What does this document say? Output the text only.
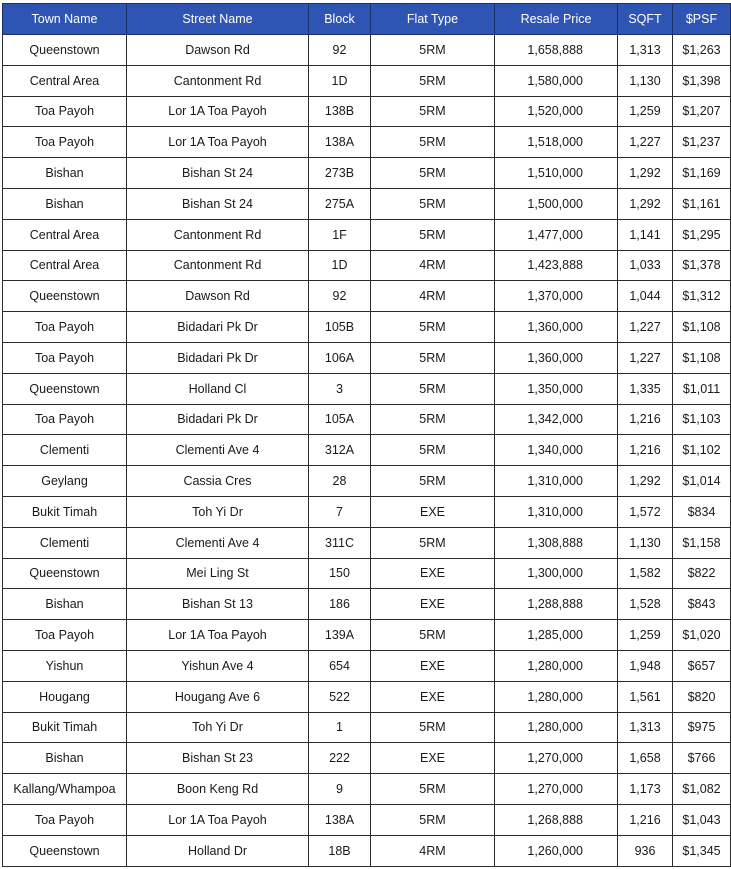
Town Name	Street Name	Block	Flat Type	Resale Price	SQFT	$PSF
Queenstown	Dawson Rd	92	5RM	1,658,888	1,313	$1,263
Central Area	Cantonment Rd	1D	5RM	1,580,000	1,130	$1,398
Toa Payoh	Lor 1A Toa Payoh	138B	5RM	1,520,000	1,259	$1,207
Toa Payoh	Lor 1A Toa Payoh	138A	5RM	1,518,000	1,227	$1,237
Bishan	Bishan St 24	273B	5RM	1,510,000	1,292	$1,169
Bishan	Bishan St 24	275A	5RM	1,500,000	1,292	$1,161
Central Area	Cantonment Rd	1F	5RM	1,477,000	1,141	$1,295
Central Area	Cantonment Rd	1D	4RM	1,423,888	1,033	$1,378
Queenstown	Dawson Rd	92	4RM	1,370,000	1,044	$1,312
Toa Payoh	Bidadari Pk Dr	105B	5RM	1,360,000	1,227	$1,108
Toa Payoh	Bidadari Pk Dr	106A	5RM	1,360,000	1,227	$1,108
Queenstown	Holland Cl	3	5RM	1,350,000	1,335	$1,011
Toa Payoh	Bidadari Pk Dr	105A	5RM	1,342,000	1,216	$1,103
Clementi	Clementi Ave 4	312A	5RM	1,340,000	1,216	$1,102
Geylang	Cassia Cres	28	5RM	1,310,000	1,292	$1,014
Bukit Timah	Toh Yi Dr	7	EXE	1,310,000	1,572	$834
Clementi	Clementi Ave 4	311C	5RM	1,308,888	1,130	$1,158
Queenstown	Mei Ling St	150	EXE	1,300,000	1,582	$822
Bishan	Bishan St 13	186	EXE	1,288,888	1,528	$843
Toa Payoh	Lor 1A Toa Payoh	139A	5RM	1,285,000	1,259	$1,020
Yishun	Yishun Ave 4	654	EXE	1,280,000	1,948	$657
Hougang	Hougang Ave 6	522	EXE	1,280,000	1,561	$820
Bukit Timah	Toh Yi Dr	1	5RM	1,280,000	1,313	$975
Bishan	Bishan St 23	222	EXE	1,270,000	1,658	$766
Kallang/Whampoa	Boon Keng Rd	9	5RM	1,270,000	1,173	$1,082
Toa Payoh	Lor 1A Toa Payoh	138A	5RM	1,268,888	1,216	$1,043
Queenstown	Holland Dr	18B	4RM	1,260,000	936	$1,345
